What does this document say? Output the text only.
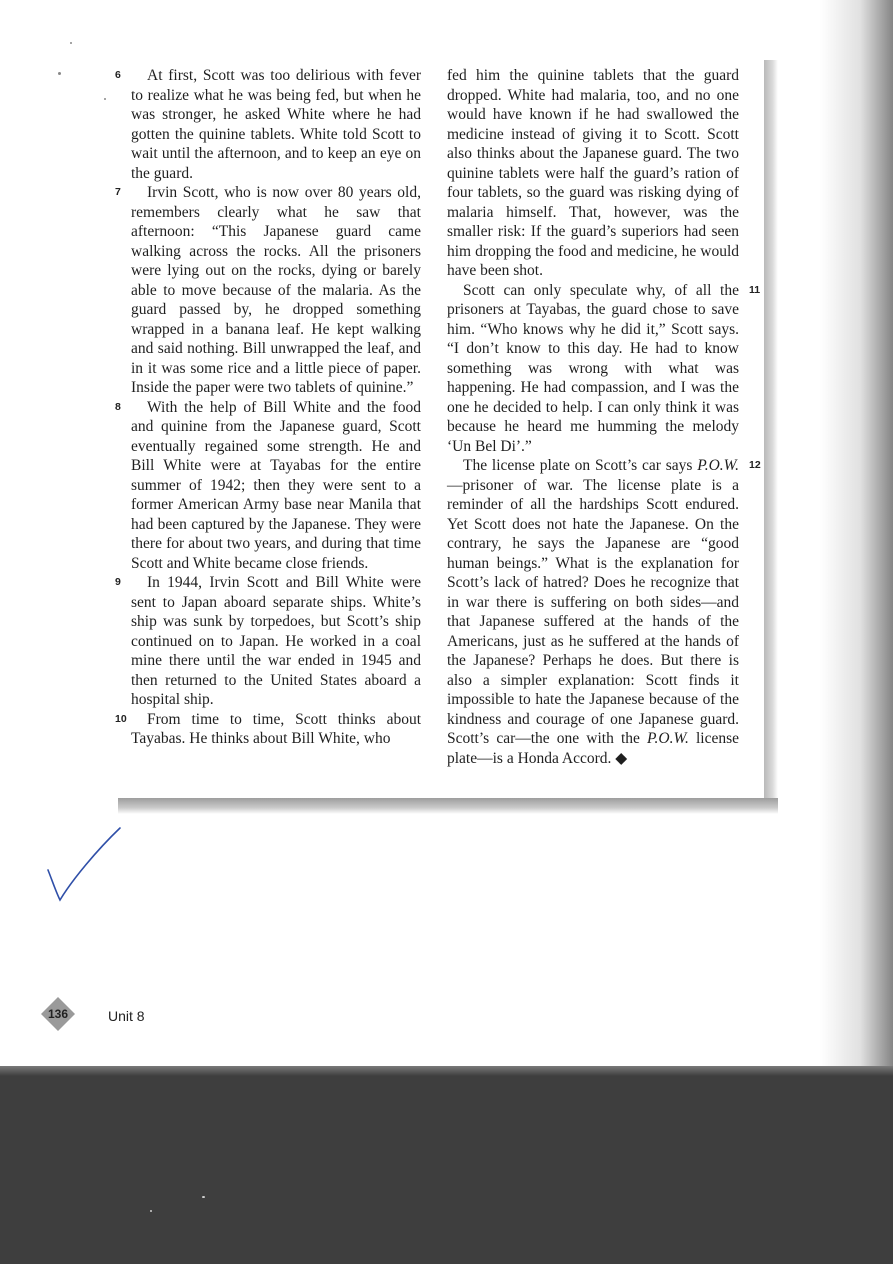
6 At first, Scott was too delirious with fever to realize what he was being fed, but when he was stronger, he asked White where he had gotten the quinine tablets. White told Scott to wait until the afternoon, and to keep an eye on the guard.

7 Irvin Scott, who is now over 80 years old, remembers clearly what he saw that afternoon: “This Japanese guard came walking across the rocks. All the prisoners were lying out on the rocks, dying or barely able to move because of the malaria. As the guard passed by, he dropped something wrapped in a banana leaf. He kept walking and said nothing. Bill unwrapped the leaf, and in it was some rice and a little piece of paper. Inside the paper were two tablets of quinine.”

8 With the help of Bill White and the food and quinine from the Japanese guard, Scott eventually regained some strength. He and Bill White were at Tayabas for the entire summer of 1942; then they were sent to a former American Army base near Manila that had been captured by the Japanese. They were there for about two years, and during that time Scott and White became close friends.

9 In 1944, Irvin Scott and Bill White were sent to Japan aboard separate ships. White’s ship was sunk by torpedoes, but Scott’s ship continued on to Japan. He worked in a coal mine there until the war ended in 1945 and then returned to the United States aboard a hospital ship.

10 From time to time, Scott thinks about Tayabas. He thinks about Bill White, who

fed him the quinine tablets that the guard dropped. White had malaria, too, and no one would have known if he had swallowed the medicine instead of giving it to Scott. Scott also thinks about the Japanese guard. The two quinine tablets were half the guard’s ration of four tablets, so the guard was risking dying of malaria himself. That, however, was the smaller risk: If the guard’s superiors had seen him dropping the food and medicine, he would have been shot.

11
Scott can only speculate why, of all the prisoners at Tayabas, the guard chose to save him. “Who knows why he did it,” Scott says. “I don’t know to this day. He had to know something was wrong with what was happening. He had compassion, and I was the one he decided to help. I can only think it was because he heard me humming the melody ‘Un Bel Di’.”

12
The license plate on Scott’s car says P.O.W.—prisoner of war. The license plate is a reminder of all the hardships Scott endured. Yet Scott does not hate the Japanese. On the contrary, he says the Japanese are “good human beings.” What is the explanation for Scott’s lack of hatred? Does he recognize that in war there is suffering on both sides—and that Japanese suffered at the hands of the Americans, just as he suffered at the hands of the Japanese? Perhaps he does. But there is also a simpler explanation: Scott finds it impossible to hate the Japanese because of the kindness and courage of one Japanese guard. Scott’s car—the one with the P.O.W. license plate—is a Honda Accord. ◆

136	Unit 8
